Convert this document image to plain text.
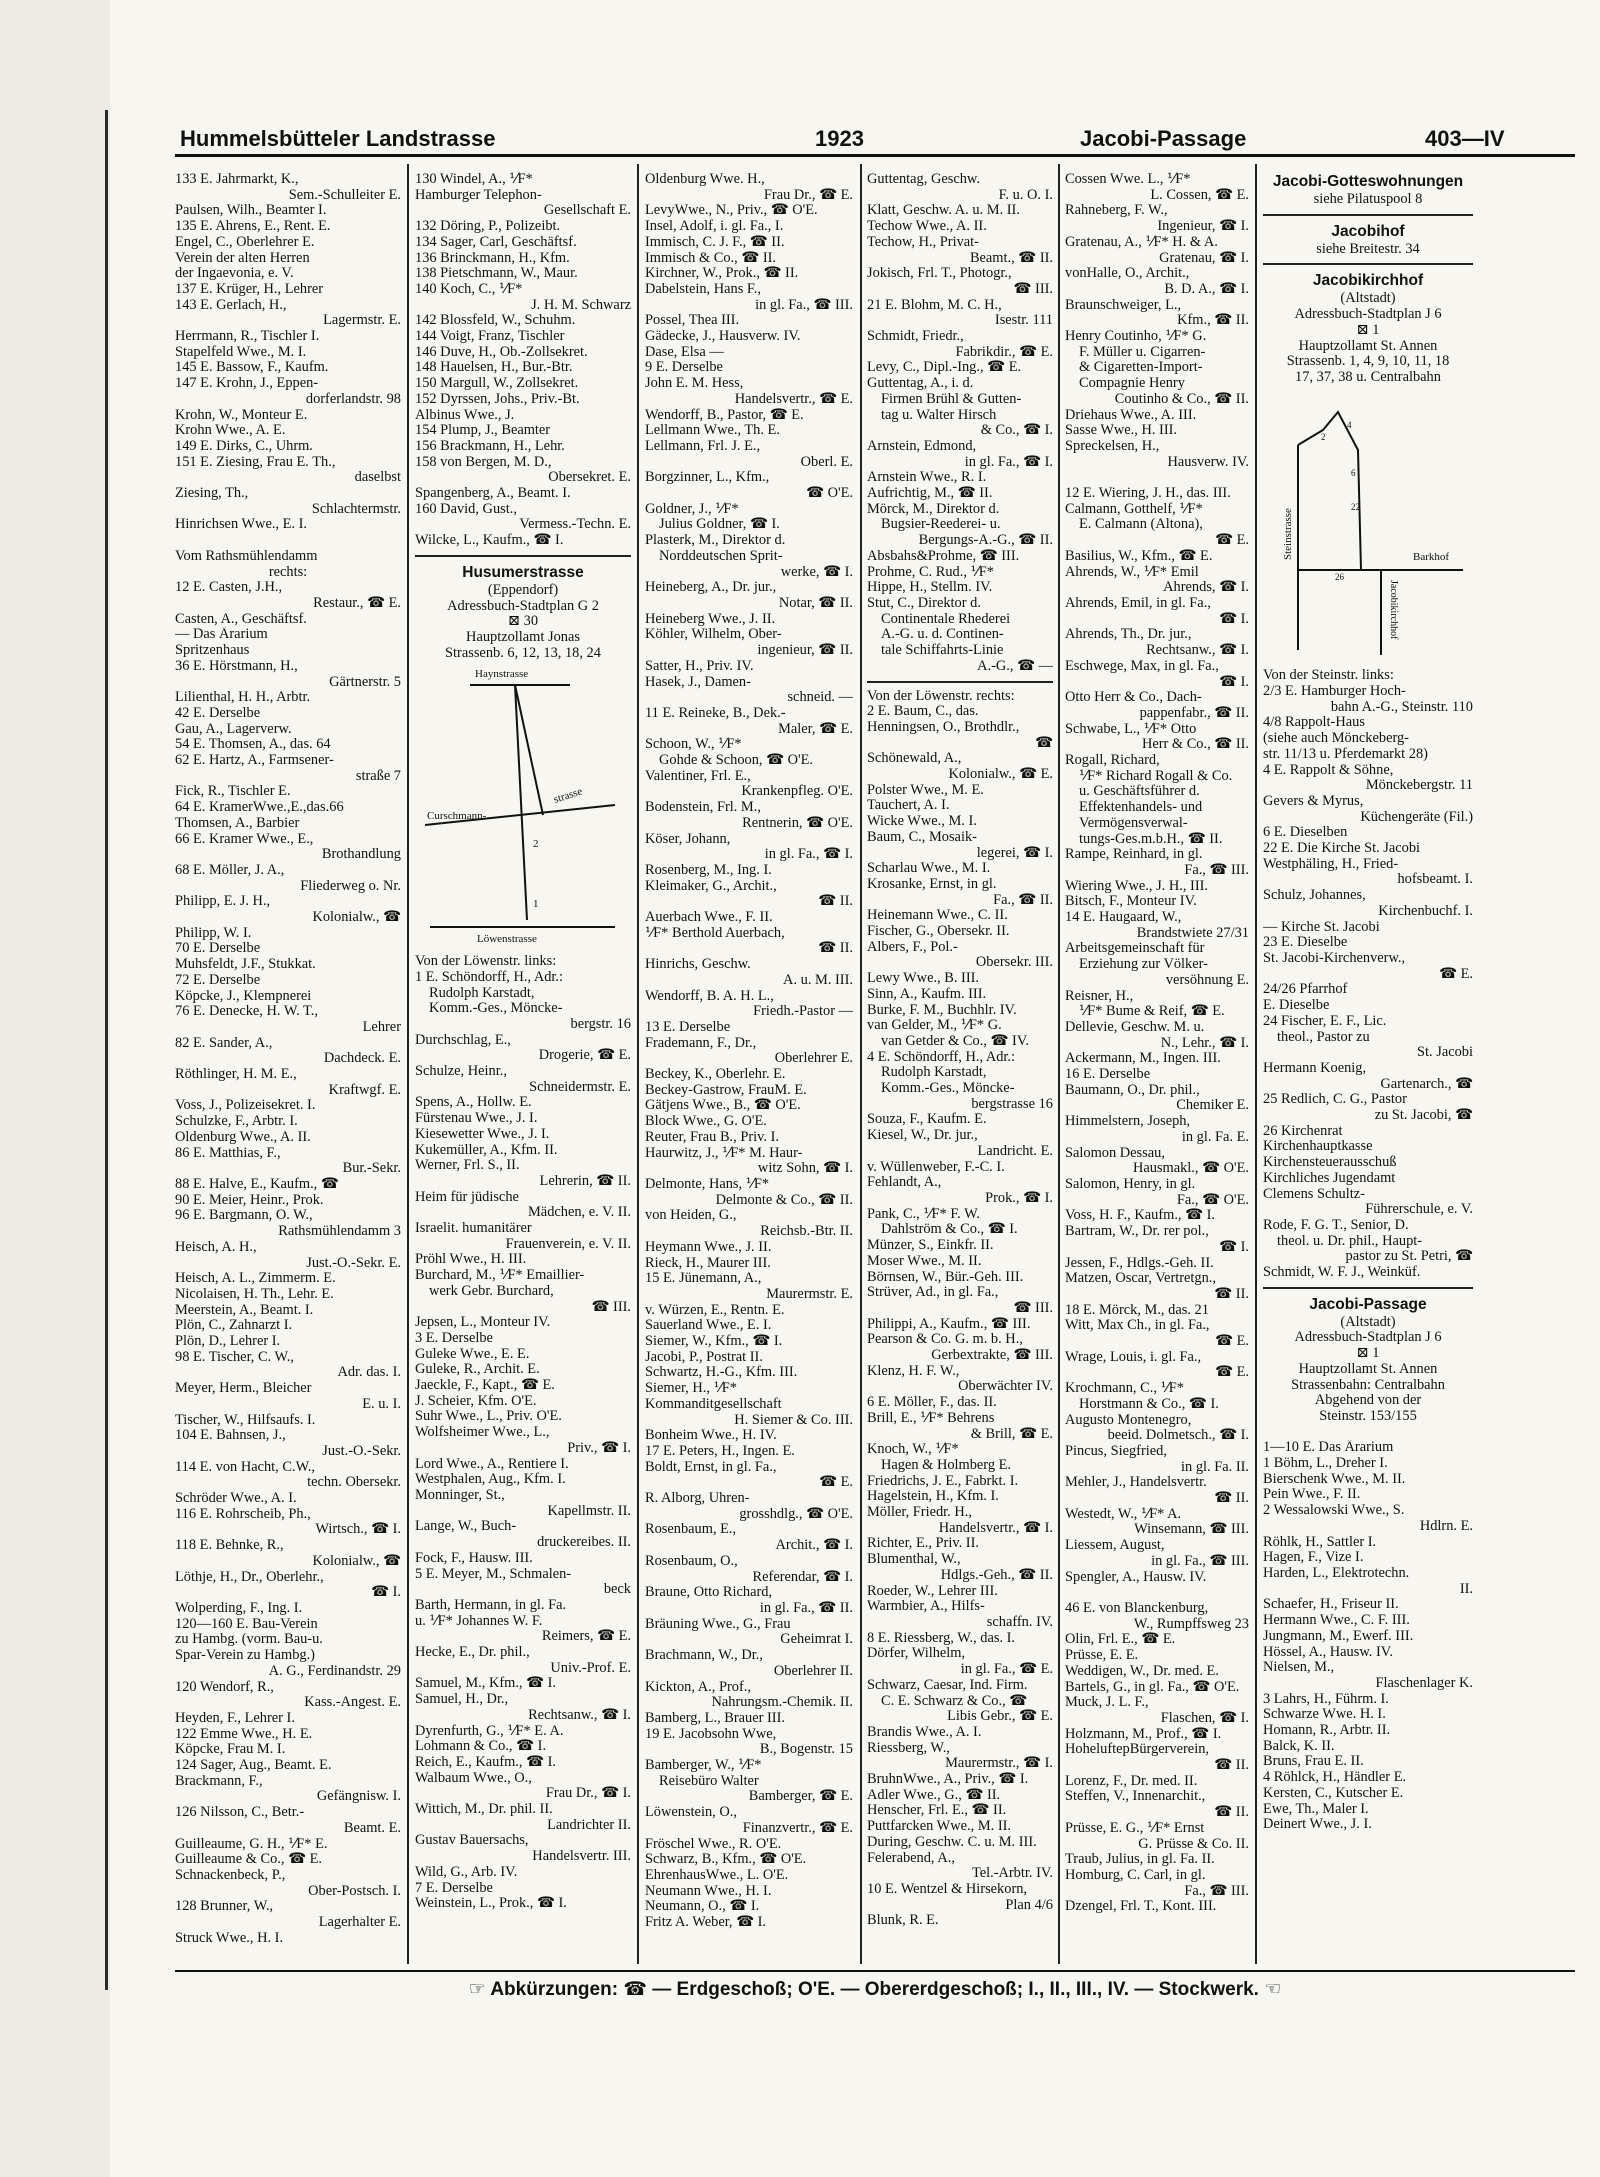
Hummelsbütteler Landstrasse	1923	Jacobi-Passage	403—IV
133 E. Jahrmarkt, K.,
Sem.-Schulleiter E.
Paulsen, Wilh., Beamter I.
135 E. Ahrens, E., Rent. E.
Engel, C., Oberlehrer E.
Verein der alten Herren
der Ingaevonia, e. V.
137 E. Krüger, H., Lehrer
143 E. Gerlach, H.,
Lagermstr. E.
Herrmann, R., Tischler I.
Stapelfeld Wwe., M. I.
145 E. Bassow, F., Kaufm.
147 E. Krohn, J., Eppen-
dorferlandstr. 98
Krohn, W., Monteur E.
Krohn Wwe., A. E.
149 E. Dirks, C., Uhrm.
151 E. Ziesing, Frau E. Th.,
daselbst
Ziesing, Th.,
Schlachtermstr.
Hinrichsen Wwe., E. I.

Vom Rathsmühlendamm
rechts:
12 E. Casten, J.H.,
Restaur., ☎ E.
Casten, A., Geschäftsf.
— Das Ärarium
Spritzenhaus
36 E. Hörstmann, H.,
Gärtnerstr. 5
Lilienthal, H. H., Arbtr.
42 E. Derselbe
Gau, A., Lagerverw.
54 E. Thomsen, A., das. 64
62 E. Hartz, A., Farmsener-
straße 7
Fick, R., Tischler E.
64 E. KramerWwe.,E.,das.66
Thomsen, A., Barbier
66 E. Kramer Wwe., E.,
Brothandlung
68 E. Möller, J. A.,
Fliederweg o. Nr.
Philipp, E. J. H.,
Kolonialw., ☎
Philipp, W. I.
70 E. Derselbe
Muhsfeldt, J.F., Stukkat.
72 E. Derselbe
Köpcke, J., Klempnerei
76 E. Denecke, H. W. T.,
Lehrer
82 E. Sander, A.,
Dachdeck. E.
Röthlinger, H. M. E.,
Kraftwgf. E.
Voss, J., Polizeisekret. I.
Schulzke, F., Arbtr. I.
Oldenburg Wwe., A. II.
86 E. Matthias, F.,
Bur.-Sekr.
88 E. Halve, E., Kaufm., ☎
90 E. Meier, Heinr., Prok.
96 E. Bargmann, O. W.,
Rathsmühlendamm 3
Heisch, A. H.,
Just.-O.-Sekr. E.
Heisch, A. L., Zimmerm. E.
Nicolaisen, H. Th., Lehr. E.
Meerstein, A., Beamt. I.
Plön, C., Zahnarzt I.
Plön, D., Lehrer I.
98 E. Tischer, C. W.,
Adr. das. I.
Meyer, Herm., Bleicher
E. u. I.
Tischer, W., Hilfsaufs. I.
104 E. Bahnsen, J.,
Just.-O.-Sekr.
114 E. von Hacht, C.W.,
techn. Obersekr.
Schröder Wwe., A. I.
116 E. Rohrscheib, Ph.,
Wirtsch., ☎ I.
118 E. Behnke, R.,
Kolonialw., ☎
Löthje, H., Dr., Oberlehr.,
☎ I.
Wolperding, F., Ing. I.
120—160 E. Bau-Verein
zu Hambg. (vorm. Bau-u.
Spar-Verein zu Hambg.)
A. G., Ferdinandstr. 29
120 Wendorf, R.,
Kass.-Angest. E.
Heyden, F., Lehrer I.
122 Emme Wwe., H. E.
Köpcke, Frau M. I.
124 Sager, Aug., Beamt. E.
Brackmann, F.,
Gefängnisw. I.
126 Nilsson, C., Betr.-
Beamt. E.
Guilleaume, G. H., ⅟F* E.
Guilleaume & Co., ☎ E.
Schnackenbeck, P.,
Ober-Postsch. I.
128 Brunner, W.,
Lagerhalter E.
Struck Wwe., H. I.
130 Windel, A., ⅟F*
Hamburger Telephon-
Gesellschaft E.
132 Döring, P., Polizeibt.
134 Sager, Carl, Geschäftsf.
136 Brinckmann, H., Kfm.
138 Pietschmann, W., Maur.
140 Koch, C., ⅟F*
J. H. M. Schwarz
142 Blossfeld, W., Schuhm.
144 Voigt, Franz, Tischler
146 Duve, H., Ob.-Zollsekret.
148 Hauelsen, H., Bur.-Btr.
150 Margull, W., Zollsekret.
152 Dyrssen, Johs., Priv.-Bt.
Albinus Wwe., J.
154 Plump, J., Beamter
156 Brackmann, H., Lehr.
158 von Bergen, M. D.,
Obersekret. E.
Spangenberg, A., Beamt. I.
160 David, Gust.,
Vermess.-Techn. E.
Wilcke, L., Kaufm., ☎ I.
Husumerstrasse
(Eppendorf)
Adressbuch-Stadtplan G 2
⊠ 30
Hauptzollamt Jonas
Strassenb. 6, 12, 13, 18, 24
Haynstrasse
Curschmann-
strasse
2
1
Löwenstrasse
Von der Löwenstr. links:
1 E. Schöndorff, H., Adr.:
Rudolph Karstadt,
Komm.-Ges., Mönckе-
bergstr. 16
Durchschlag, E.,
Drogerie, ☎ E.
Schulze, Heinr.,
Schneidermstr. E.
Spens, A., Hollw. E.
Fürstenau Wwe., J. I.
Kiesewetter Wwe., J. I.
Kukemüller, A., Kfm. II.
Werner, Frl. S., II.
Lehrerin, ☎ II.
Heim für jüdische
Mädchen, e. V. II.
Israelit. humanitärer
Frauenverein, e. V. II.
Pröhl Wwe., H. III.
Burchard, M., ⅟F* Emaillier-
werk Gebr. Burchard,
☎ III.
Jepsen, L., Monteur IV.
3 E. Derselbe
Guleke Wwe., E. E.
Guleke, R., Archit. E.
Jaeckle, F., Kapt., ☎ E.
J. Scheier, Kfm. O'E.
Suhr Wwe., L., Priv. O'E.
Wolfsheimer Wwe., L.,
Priv., ☎ I.
Lord Wwe., A., Rentiere I.
Westphalen, Aug., Kfm. I.
Monninger, St.,
Kapellmstr. II.
Lange, W., Buch-
druckereibes. II.
Fock, F., Hausw. III.
5 E. Meyer, M., Schmalen-
beck
Barth, Hermann, in gl. Fa.
u. ⅟F* Johannes W. F.
Reimers, ☎ E.
Hecke, E., Dr. phil.,
Univ.-Prof. E.
Samuel, M., Kfm., ☎ I.
Samuel, H., Dr.,
Rechtsanw., ☎ I.
Dyrenfurth, G., ⅟F* E. A.
Lohmann & Co., ☎ I.
Reich, E., Kaufm., ☎ I.
Walbaum Wwe., O.,
Frau Dr., ☎ I.
Wittich, M., Dr. phil. II.
Landrichter II.
Gustav Bauersachs,
Handelsvertr. III.
Wild, G., Arb. IV.
7 E. Derselbe
Weinstein, L., Prok., ☎ I.
Oldenburg Wwe. H.,
Frau Dr., ☎ E.
LevyWwe., N., Priv., ☎ O'E.
Insel, Adolf, i. gl. Fa., I.
Immisch, C. J. F., ☎ II.
Immisch & Co., ☎ II.
Kirchner, W., Prok., ☎ II.
Dabelstein, Hans F.,
in gl. Fa., ☎ III.
Possel, Thea III.
Gädecke, J., Hausverw. IV.
Dase, Elsa —
9 E. Derselbe
John E. M. Hess,
Handelsvertr., ☎ E.
Wendorff, B., Pastor, ☎ E.
Lellmann Wwe., Th. E.
Lellmann, Frl. J. E.,
Oberl. E.
Borgzinner, L., Kfm.,
☎ O'E.
Goldner, J., ⅟F*
Julius Goldner, ☎ I.
Plasterk, M., Direktor d.
Norddeutschen Sprit-
werke, ☎ I.
Heineberg, A., Dr. jur.,
Notar, ☎ II.
Heineberg Wwe., J. II.
Köhler, Wilhelm, Ober-
ingenieur, ☎ II.
Satter, H., Priv. IV.
Hasek, J., Damen-
schneid. —
11 E. Reineke, B., Dek.-
Maler, ☎ E.
Schoon, W., ⅟F*
Gohde & Schoon, ☎ O'E.
Valentiner, Frl. E.,
Krankenpfleg. O'E.
Bodenstein, Frl. M.,
Rentnerin, ☎ O'E.
Köser, Johann,
in gl. Fa., ☎ I.
Rosenberg, M., Ing. I.
Kleimaker, G., Archit.,
☎ II.
Auerbach Wwe., F. II.
⅟F* Berthold Auerbach,
☎ II.
Hinrichs, Geschw.
A. u. M. III.
Wendorff, B. A. H. L.,
Friedh.-Pastor —
13 E. Derselbe
Frademann, F., Dr.,
Oberlehrer E.
Beckey, K., Oberlehr. E.
Beckey-Gastrow, FrauM. E.
Gätjens Wwe., B., ☎ O'E.
Block Wwe., G. O'E.
Reuter, Frau B., Priv. I.
Haurwitz, J., ⅟F* M. Haur-
witz Sohn, ☎ I.
Delmonte, Hans, ⅟F*
Delmonte & Co., ☎ II.
von Heiden, G.,
Reichsb.-Btr. II.
Heymann Wwe., J. II.
Rieck, H., Maurer III.
15 E. Jünemann, A.,
Maurermstr. E.
v. Würzen, E., Rentn. E.
Sauerland Wwe., E. I.
Siemer, W., Kfm., ☎ I.
Jacobi, P., Postrat II.
Schwartz, H.-G., Kfm. III.
Siemer, H., ⅟F*
Kommanditgesellschaft
H. Siemer & Co. III.
Bonheim Wwe., H. IV.
17 E. Peters, H., Ingen. E.
Boldt, Ernst, in gl. Fa.,
☎ E.
R. Alborg, Uhren-
grosshdlg., ☎ O'E.
Rosenbaum, E.,
Archit., ☎ I.
Rosenbaum, O.,
Referendar, ☎ I.
Braune, Otto Richard,
in gl. Fa., ☎ II.
Bräuning Wwe., G., Frau
Geheimrat I.
Brachmann, W., Dr.,
Oberlehrer II.
Kickton, A., Prof.,
Nahrungsm.-Chemik. II.
Bamberg, L., Brauer III.
19 E. Jacobsohn Wwe,
B., Bogenstr. 15
Bamberger, W., ⅟F*
Reisebüro Walter
Bamberger, ☎ E.
Löwenstein, O.,
Finanzvertr., ☎ E.
Fröschel Wwe., R. O'E.
Schwarz, B., Kfm., ☎ O'E.
EhrenhausWwe., L. O'E.
Neumann Wwe., H. I.
Neumann, O., ☎ I.
Fritz A. Weber, ☎ I.
Guttentag, Geschw.
F. u. O. I.
Klatt, Geschw. A. u. M. II.
Techow Wwe., A. II.
Techow, H., Privat-
Beamt., ☎ II.
Jokisch, Frl. T., Photogr.,
☎ III.
21 E. Blohm, M. C. H.,
Isestr. 111
Schmidt, Friedr.,
Fabrikdir., ☎ E.
Levy, C., Dipl.-Ing., ☎ E.
Guttentag, A., i. d.
Firmen Brühl & Gutten-
tag u. Walter Hirsch
& Co., ☎ I.
Arnstein, Edmond,
in gl. Fa., ☎ I.
Arnstein Wwe., R. I.
Aufrichtig, M., ☎ II.
Mörck, M., Direktor d.
Bugsier-Reederei- u.
Bergungs-A.-G., ☎ II.
Absbahs&Prohme, ☎ III.
Prohme, C. Rud., ⅟F*
Hippe, H., Stellm. IV.
Stut, C., Direktor d.
Continentale Rhederei
A.-G. u. d. Continen-
tale Schiffahrts-Linie
A.-G., ☎ —
Von der Löwenstr. rechts:
2 E. Baum, C., das.
Henningsen, O., Brothdlr.,
☎
Schönewald, A.,
Kolonialw., ☎ E.
Polster Wwe., M. E.
Tauchert, A. I.
Wicke Wwe., M. I.
Baum, C., Mosaik-
legerei, ☎ I.
Scharlau Wwe., M. I.
Krosanke, Ernst, in gl.
Fa., ☎ II.
Heinemann Wwe., C. II.
Fischer, G., Obersekr. II.
Albers, F., Pol.-
Obersekr. III.
Lewy Wwe., B. III.
Sinn, A., Kaufm. III.
Burke, F. M., Buchhlr. IV.
van Gelder, M., ⅟F* G.
van Getder & Co., ☎ IV.
4 E. Schöndorff, H., Adr.:
Rudolph Karstadt,
Komm.-Ges., Mönckе-
bergstrasse 16
Souza, F., Kaufm. E.
Kiesel, W., Dr. jur.,
Landricht. E.
v. Wüllenweber, F.-C. I.
Fehlandt, A.,
Prok., ☎ I.
Pank, C., ⅟F* F. W.
Dahlström & Co., ☎ I.
Münzer, S., Einkfr. II.
Moser Wwe., M. II.
Börnsen, W., Bür.-Geh. III.
Strüver, Ad., in gl. Fa.,
☎ III.
Philippi, A., Kaufm., ☎ III.
Pearson & Co. G. m. b. H.,
Gerbextrakte, ☎ III.
Klenz, H. F. W.,
Oberwächter IV.
6 E. Möller, F., das. II.
Brill, E., ⅟F* Behrens
& Brill, ☎ E.
Knoch, W., ⅟F*
Hagen & Holmberg E.
Friedrichs, J. E., Fabrkt. I.
Hagelstein, H., Kfm. I.
Möller, Friedr. H.,
Handelsvertr., ☎ I.
Richter, E., Priv. II.
Blumenthal, W.,
Hdlgs.-Geh., ☎ II.
Roeder, W., Lehrer III.
Warmbier, A., Hilfs-
schaffn. IV.
8 E. Riessberg, W., das. I.
Dörfer, Wilhelm,
in gl. Fa., ☎ E.
Schwarz, Caesar, Ind. Firm.
C. E. Schwarz & Co., ☎
Libis Gebr., ☎ E.
Brandis Wwe., A. I.
Riessberg, W.,
Maurermstr., ☎ I.
BruhnWwe., A., Priv., ☎ I.
Adler Wwe., G., ☎ II.
Henscher, Frl. E., ☎ II.
Puttfarcken Wwe., M. II.
During, Geschw. C. u. M. III.
Felerabend, A.,
Tel.-Arbtr. IV.
10 E. Wentzel & Hirsekorn,
Plan 4/6
Blunk, R. E.
Cossen Wwe. L., ⅟F*
L. Cossen, ☎ E.
Rahneberg, F. W.,
Ingenieur, ☎ I.
Gratenau, A., ⅟F* H. & A.
Gratenau, ☎ I.
vonHalle, O., Archit.,
B. D. A., ☎ I.
Braunschweiger, L.,
Kfm., ☎ II.
Henry Coutinho, ⅟F* G.
F. Müller u. Cigarren-
& Cigaretten-Import-
Compagnie Henry
Coutinho & Co., ☎ II.
Driehaus Wwe., A. III.
Sasse Wwe., H. III.
Spreckelsen, H.,
Hausverw. IV.

12 E. Wiering, J. H., das. III.
Calmann, Gotthelf, ⅟F*
E. Calmann (Altona),
☎ E.
Basilius, W., Kfm., ☎ E.
Ahrends, W., ⅟F* Emil
Ahrends, ☎ I.
Ahrends, Emil, in gl. Fa.,
☎ I.
Ahrends, Th., Dr. jur.,
Rechtsanw., ☎ I.
Eschwege, Max, in gl. Fa.,
☎ I.
Otto Herr & Co., Dach-
pappenfabr., ☎ II.
Schwabe, L., ⅟F* Otto
Herr & Co., ☎ II.
Rogall, Richard,
⅟F* Richard Rogall & Co.
u. Geschäftsführer d.
Effektenhandels- und
Vermögensverwal-
tungs-Ges.m.b.H., ☎ II.
Rampe, Reinhard, in gl.
Fa., ☎ III.
Wiering Wwe., J. H., III.
Bitsch, F., Monteur IV.
14 E. Haugaard, W.,
Brandstwiete 27/31
Arbeitsgemeinschaft für
Erziehung zur Völker-
versöhnung E.
Reisner, H.,
⅟F* Bume & Reif, ☎ E.
Dellevie, Geschw. M. u.
N., Lehr., ☎ I.
Ackermann, M., Ingen. III.
16 E. Derselbe
Baumann, O., Dr. phil.,
Chemiker E.
Himmelstern, Joseph,
in gl. Fa. E.
Salomon Dessau,
Hausmakl., ☎ O'E.
Salomon, Henry, in gl.
Fa., ☎ O'E.
Voss, H. F., Kaufm., ☎ I.
Bartram, W., Dr. rer pol.,
☎ I.
Jessen, F., Hdlgs.-Geh. II.
Matzen, Oscar, Vertretgn.,
☎ II.
18 E. Mörck, M., das. 21
Witt, Max Ch., in gl. Fa.,
☎ E.
Wrage, Louis, i. gl. Fa.,
☎ E.
Krochmann, C., ⅟F*
Horstmann & Co., ☎ I.
Augusto Montenegro,
beeid. Dolmetsch., ☎ I.
Pincus, Siegfried,
in gl. Fa. II.
Mehler, J., Handelsvertr.
☎ II.
Westedt, W., ⅟F* A.
Winsemann, ☎ III.
Liessem, August,
in gl. Fa., ☎ III.
Spengler, A., Hausw. IV.

46 E. von Blanckenburg,
W., Rumpffsweg 23
Olin, Frl. E., ☎ E.
Prüsse, E. E.
Weddigen, W., Dr. med. E.
Bartels, G., in gl. Fa., ☎ O'E.
Muck, J. L. F.,
Flaschen, ☎ I.
Holzmann, M., Prof., ☎ I.
HoheluftерBürgerverein,
☎ II.
Lorenz, F., Dr. med. II.
Steffen, V., Innenarchit.,
☎ II.
Prüsse, E. G., ⅟F* Ernst
G. Prüsse & Co. II.
Traub, Julius, in gl. Fa. II.
Homburg, C. Carl, in gl.
Fa., ☎ III.
Dzengel, Frl. T., Kont. III.
Jacobi-Gotteswohnungen
siehe Pilatuspool 8
Jacobihof
siehe Breitestr. 34
Jacobikirchhof
(Altstadt)
Adressbuch-Stadtplan J 6
⊠ 1
Hauptzollamt St. Annen
Strassenb. 1, 4, 9, 10, 11, 18
17, 37, 38 u. Centralbahn
Steinstrasse	Barkhof
Jacobikirchhof
2
4
6
22
26
Von der Steinstr. links:
2/3 E. Hamburger Hoch-
bahn A.-G., Steinstr. 110
4/8 Rappolt-Haus
(siehe auch Mönckeberg-
str. 11/13 u. Pferdemarkt 28)
4 E. Rappolt & Söhne,
Mönckebergstr. 11
Gevers & Myrus,
Küchengeräte (Fil.)
6 E. Dieselben
22 E. Die Kirche St. Jacobi
Westphäling, H., Fried-
hofsbeamt. I.
Schulz, Johannes,
Kirchenbuchf. I.
— Kirche St. Jacobi
23 E. Dieselbe
St. Jacobi-Kirchenverw.,
☎ E.
24/26 Pfarrhof
E. Dieselbe
24 Fischer, E. F., Lic.
theol., Pastor zu
St. Jacobi
Hermann Koenig,
Gartenarch., ☎
25 Redlich, C. G., Pastor
zu St. Jacobi, ☎
26 Kirchenrat
Kirchenhauptkasse
Kirchensteuerausschuß
Kirchliches Jugendamt
Clemens Schultz-
Führerschule, e. V.
Rode, F. G. T., Senior, D.
theol. u. Dr. phil., Haupt-
pastor zu St. Petri, ☎
Schmidt, W. F. J., Weinküf.
Jacobi-Passage
(Altstadt)
Adressbuch-Stadtplan J 6
⊠ 1
Hauptzollamt St. Annen
Strassenbahn: Centralbahn
Abgehend von der
Steinstr. 153/155

1—10 E. Das Ärarium
1 Böhm, L., Dreher I.
Bierschenk Wwe., M. II.
Pein Wwe., F. II.
2 Wessalowski Wwe., S.
Hdlrn. E.
Röhlk, H., Sattler I.
Hagen, F., Vize I.
Harden, L., Elektrotechn.
II.
Schaefer, H., Friseur II.
Hermann Wwe., C. F. III.
Jungmann, M., Ewerf. III.
Hössel, A., Hausw. IV.
Nielsen, M.,
Flaschenlager K.
3 Lahrs, H., Führm. I.
Schwarze Wwe. H. I.
Homann, R., Arbtr. II.
Balck, K. II.
Bruns, Frau E. II.
4 Röhlck, H., Händler E.
Kersten, C., Kutscher E.
Ewe, Th., Maler I.
Deinert Wwe., J. I.
☞ Abkürzungen: ☎ — Erdgeschoß; O'E. — Obererdgeschoß; I., II., III., IV. — Stockwerk. ☜
